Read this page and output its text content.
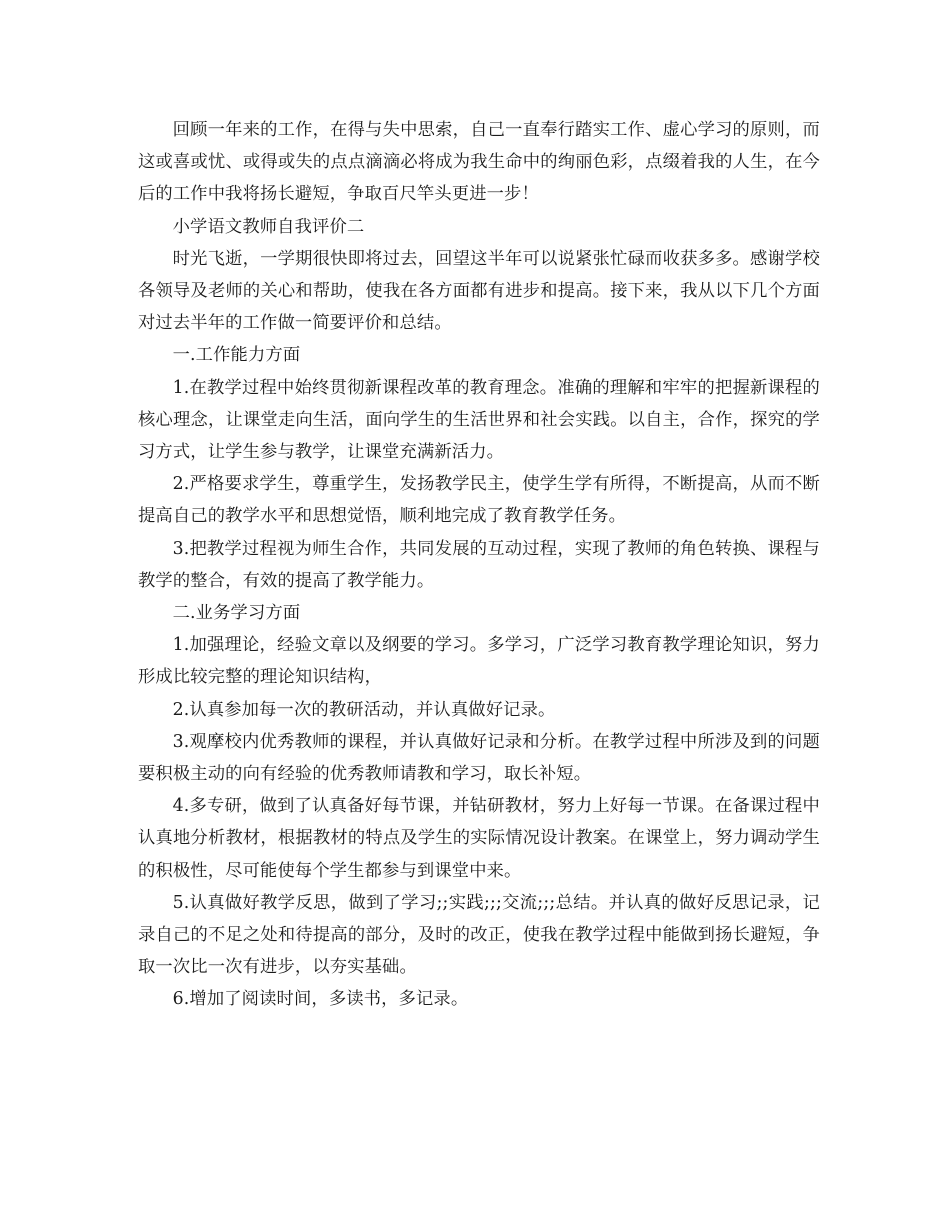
回顾一年来的工作，在得与失中思索，自己一直奉行踏实工作、虚心学习的原则，而这或喜或忧、或得或失的点点滴滴必将成为我生命中的绚丽色彩，点缀着我的人生，在今后的工作中我将扬长避短，争取百尺竿头更进一步！

小学语文教师自我评价二

时光飞逝，一学期很快即将过去，回望这半年可以说紧张忙碌而收获多多。感谢学校各领导及老师的关心和帮助，使我在各方面都有进步和提高。接下来，我从以下几个方面对过去半年的工作做一简要评价和总结。

一.工作能力方面

1.在教学过程中始终贯彻新课程改革的教育理念。准确的理解和牢牢的把握新课程的核心理念，让课堂走向生活，面向学生的生活世界和社会实践。以自主，合作，探究的学习方式，让学生参与教学，让课堂充满新活力。

2.严格要求学生，尊重学生，发扬教学民主，使学生学有所得，不断提高，从而不断提高自己的教学水平和思想觉悟，顺利地完成了教育教学任务。

3.把教学过程视为师生合作，共同发展的互动过程，实现了教师的角色转换、课程与教学的整合，有效的提高了教学能力。

二.业务学习方面

1.加强理论，经验文章以及纲要的学习。多学习，广泛学习教育教学理论知识，努力形成比较完整的理论知识结构，

2.认真参加每一次的教研活动，并认真做好记录。

3.观摩校内优秀教师的课程，并认真做好记录和分析。在教学过程中所涉及到的问题要积极主动的向有经验的优秀教师请教和学习，取长补短。

4.多专研，做到了认真备好每节课，并钻研教材，努力上好每一节课。在备课过程中认真地分析教材，根据教材的特点及学生的实际情况设计教案。在课堂上，努力调动学生的积极性，尽可能使每个学生都参与到课堂中来。

5.认真做好教学反思，做到了学习;;实践;;;交流;;;总结。并认真的做好反思记录，记录自己的不足之处和待提高的部分，及时的改正，使我在教学过程中能做到扬长避短，争取一次比一次有进步，以夯实基础。

6.增加了阅读时间，多读书，多记录。
